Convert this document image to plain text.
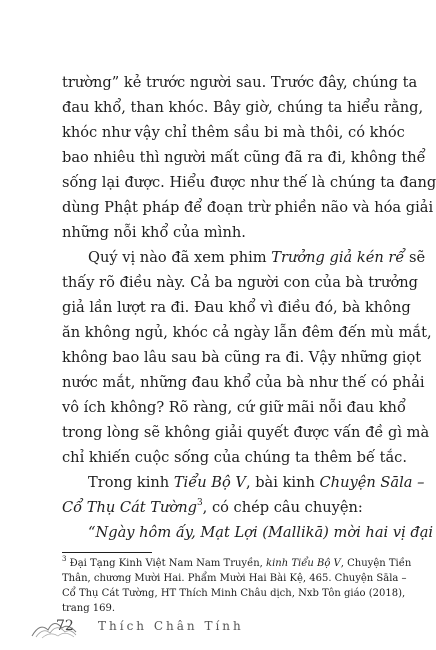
trường” kẻ trước người sau. Trước đây, chúng ta
đau khổ, than khóc. Bây giờ, chúng ta hiểu rằng,
khóc như vậy chỉ thêm sầu bi mà thôi, có khóc
bao nhiêu thì người mất cũng đã ra đi, không thể
sống lại được. Hiểu được như thế là chúng ta đang
dùng Phật pháp để đoạn trừ phiền não và hóa giải
những nỗi khổ của mình.
Quý vị nào đã xem phim Trưởng giả kén rể sẽ
thấy rõ điều này. Cả ba người con của bà trưởng
giả lần lượt ra đi. Đau khổ vì điều đó, bà không
ăn không ngủ, khóc cả ngày lẫn đêm đến mù mắt,
không bao lâu sau bà cũng ra đi. Vậy những giọt
nước mắt, những đau khổ của bà như thế có phải
vô ích không? Rõ ràng, cứ giữ mãi nỗi đau khổ
trong lòng sẽ không giải quyết được vấn đề gì mà
chỉ khiến cuộc sống của chúng ta thêm bế tắc.
Trong kinh Tiểu Bộ V, bài kinh Chuyện Sāla –
Cổ Thụ Cát Tường$^3$, có chép câu chuyện:
“Ngày hôm ấy, Mạt Lợi (Mallikā) mời hai vị đại
$^3$ Đại Tạng Kinh Việt Nam Nam Truyền, kinh Tiểu Bộ V, Chuyện Tiền
Thân, chương Mười Hai. Phẩm Mười Hai Bài Kệ, 465. Chuyện Sāla –
Cổ Thụ Cát Tường, HT Thích Minh Châu dịch, Nxb Tôn giáo (2018),
trang 169.
72 Thích Chân Tính
